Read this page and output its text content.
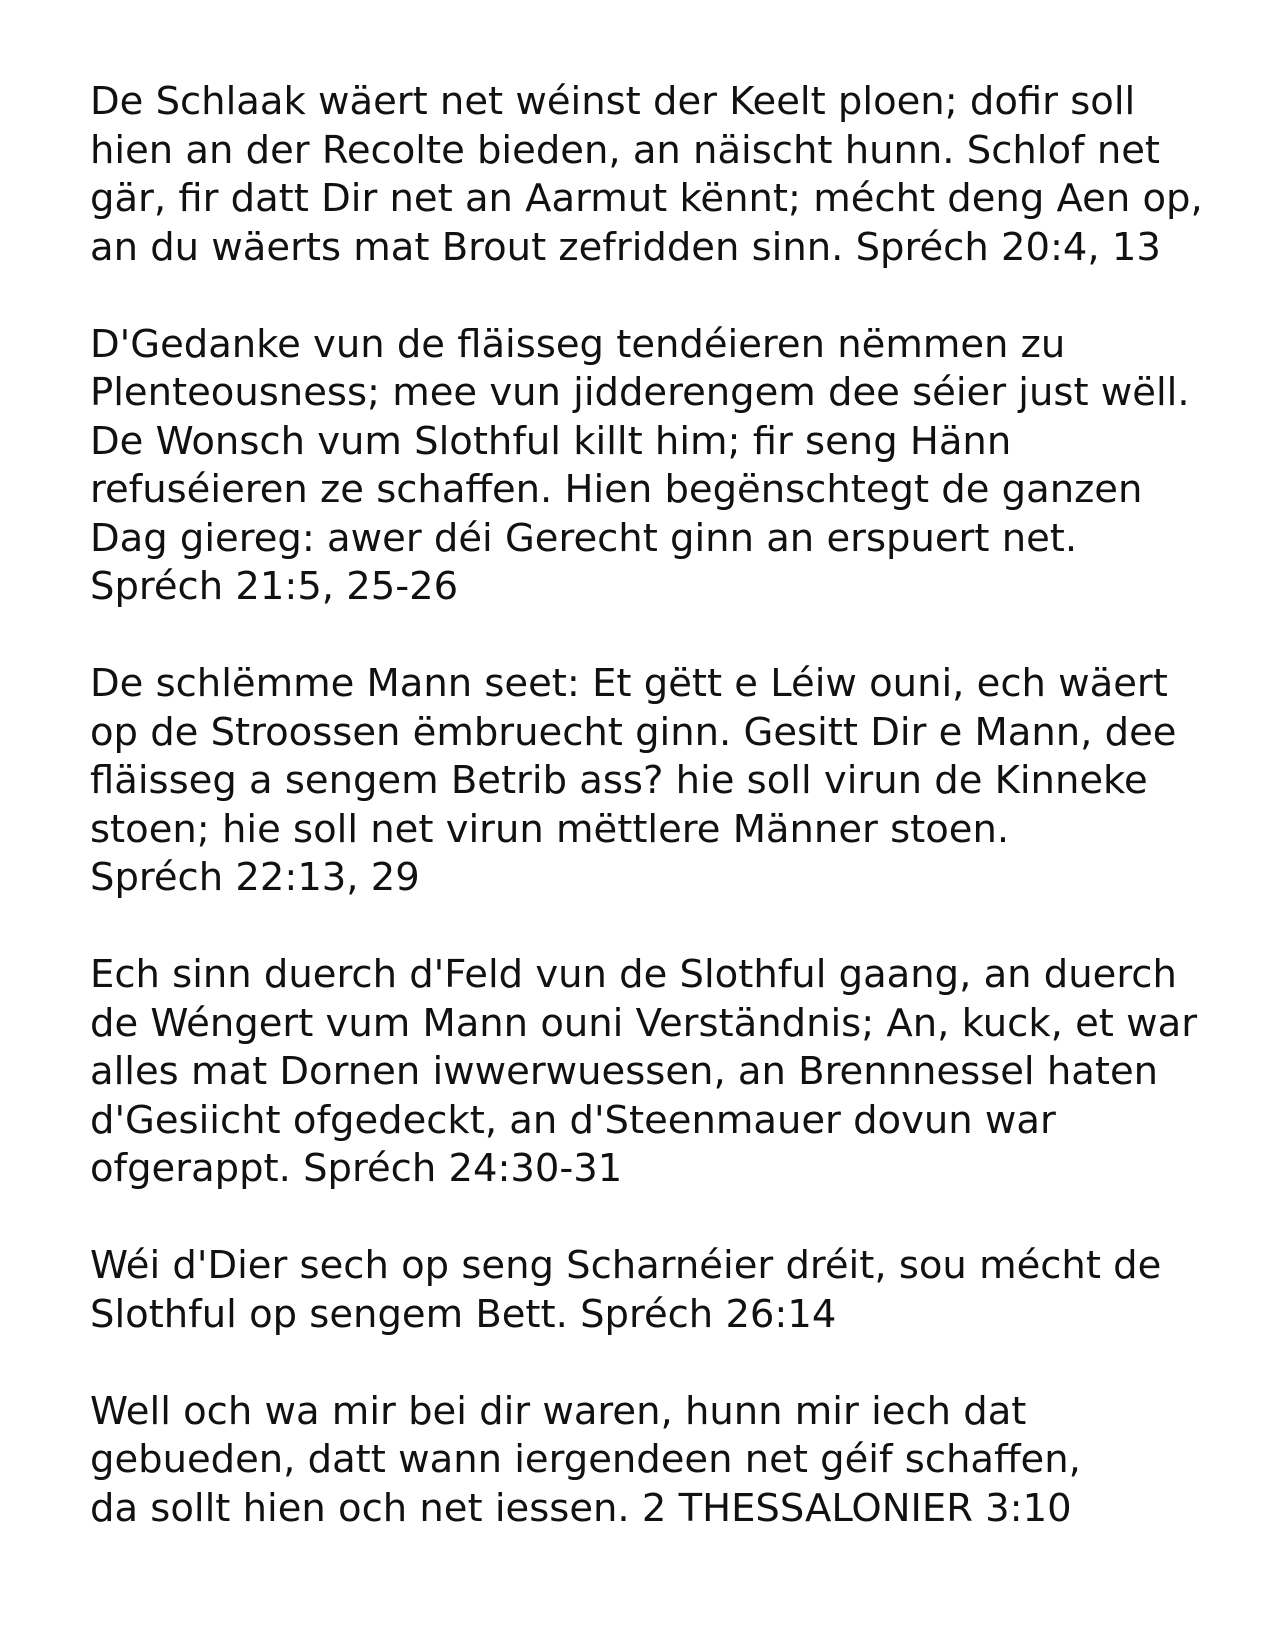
De Schlaak wäert net wéinst der Keelt ploen; dofir soll
hien an der Recolte bieden, an näischt hunn. Schlof net
gär, fir datt Dir net an Aarmut kënnt; mécht deng Aen op,
an du wäerts mat Brout zefridden sinn. Spréch 20:4, 13

D'Gedanke vun de fläisseg tendéieren nëmmen zu
Plenteousness; mee vun jidderengem dee séier just wëll.
De Wonsch vum Slothful killt him; fir seng Hänn
refuséieren ze schaffen. Hien begënschtegt de ganzen
Dag giereg: awer déi Gerecht ginn an erspuert net.
Spréch 21:5, 25-26

De schlëmme Mann seet: Et gëtt e Léiw ouni, ech wäert
op de Stroossen ëmbruecht ginn. Gesitt Dir e Mann, dee
fläisseg a sengem Betrib ass? hie soll virun de Kinneke
stoen; hie soll net virun mëttlere Männer stoen.
Spréch 22:13, 29

Ech sinn duerch d'Feld vun de Slothful gaang, an duerch
de Wéngert vum Mann ouni Verständnis; An, kuck, et war
alles mat Dornen iwwerwuessen, an Brennnessel haten
d'Gesiicht ofgedeckt, an d'Steenmauer dovun war
ofgerappt. Spréch 24:30-31

Wéi d'Dier sech op seng Scharnéier dréit, sou mécht de
Slothful op sengem Bett. Spréch 26:14

Well och wa mir bei dir waren, hunn mir iech dat
gebueden, datt wann iergendeen net géif schaffen,
da sollt hien och net iessen. 2 THESSALONIER 3:10
